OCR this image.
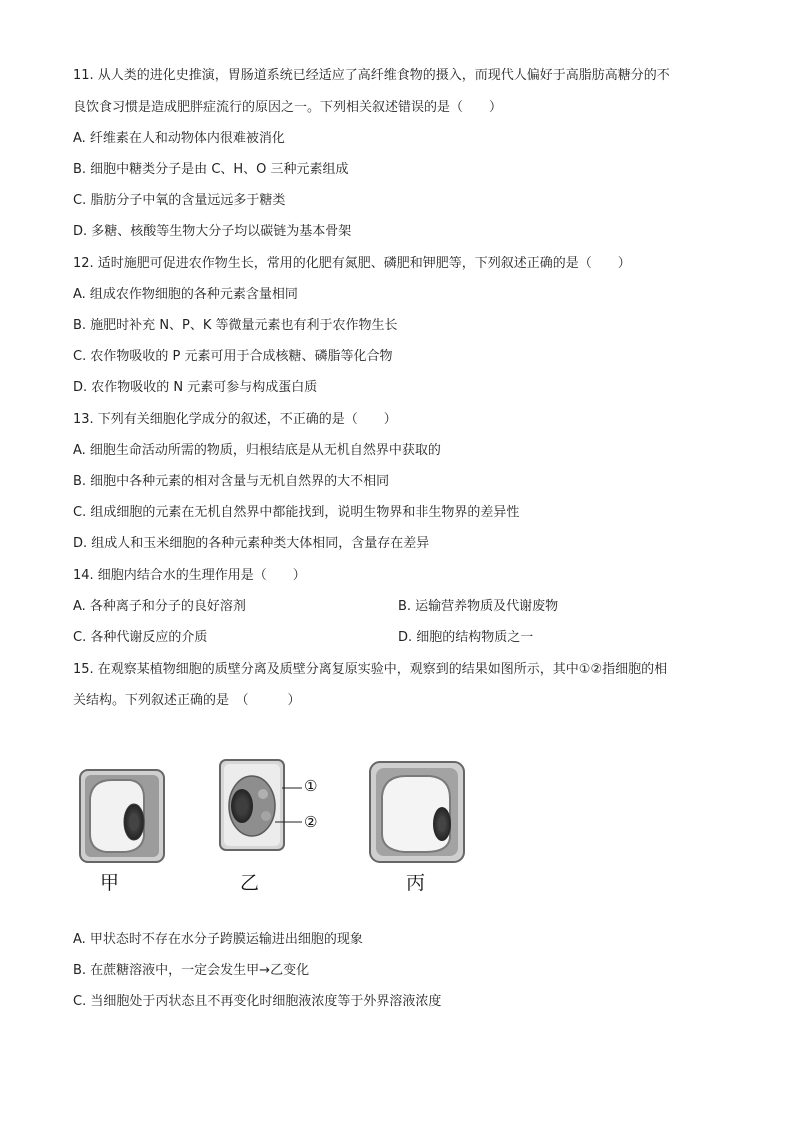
11. 从人类的进化史推演，胃肠道系统已经适应了高纤维食物的摄入，而现代人偏好于高脂肪高糖分的不
良饮食习惯是造成肥胖症流行的原因之一。下列相关叙述错误的是（　　）
A. 纤维素在人和动物体内很难被消化
B. 细胞中糖类分子是由 C、H、O 三种元素组成
C. 脂肪分子中氧的含量远远多于糖类
D. 多糖、核酸等生物大分子均以碳链为基本骨架
12. 适时施肥可促进农作物生长，常用的化肥有氮肥、磷肥和钾肥等，下列叙述正确的是（　　）
A. 组成农作物细胞的各种元素含量相同
B. 施肥时补充 N、P、K 等微量元素也有利于农作物生长
C. 农作物吸收的 P 元素可用于合成核糖、磷脂等化合物
D. 农作物吸收的 N 元素可参与构成蛋白质
13. 下列有关细胞化学成分的叙述，不正确的是（　　）
A. 细胞生命活动所需的物质，归根结底是从无机自然界中获取的
B. 细胞中各种元素的相对含量与无机自然界的大不相同
C. 组成细胞的元素在无机自然界中都能找到，说明生物界和非生物界的差异性
D. 组成人和玉米细胞的各种元素种类大体相同，含量存在差异
14. 细胞内结合水的生理作用是（　　）
A. 各种离子和分子的良好溶剂	B. 运输营养物质及代谢废物
C. 各种代谢反应的介质	D. 细胞的结构物质之一
15. 在观察某植物细胞的质壁分离及质壁分离复原实验中，观察到的结果如图所示，其中①②指细胞的相
关结构。下列叙述正确的是　（　　　）
①
②
甲	乙	丙
A. 甲状态时不存在水分子跨膜运输进出细胞的现象
B. 在蔗糖溶液中，一定会发生甲→乙变化
C. 当细胞处于丙状态且不再变化时细胞液浓度等于外界溶液浓度
